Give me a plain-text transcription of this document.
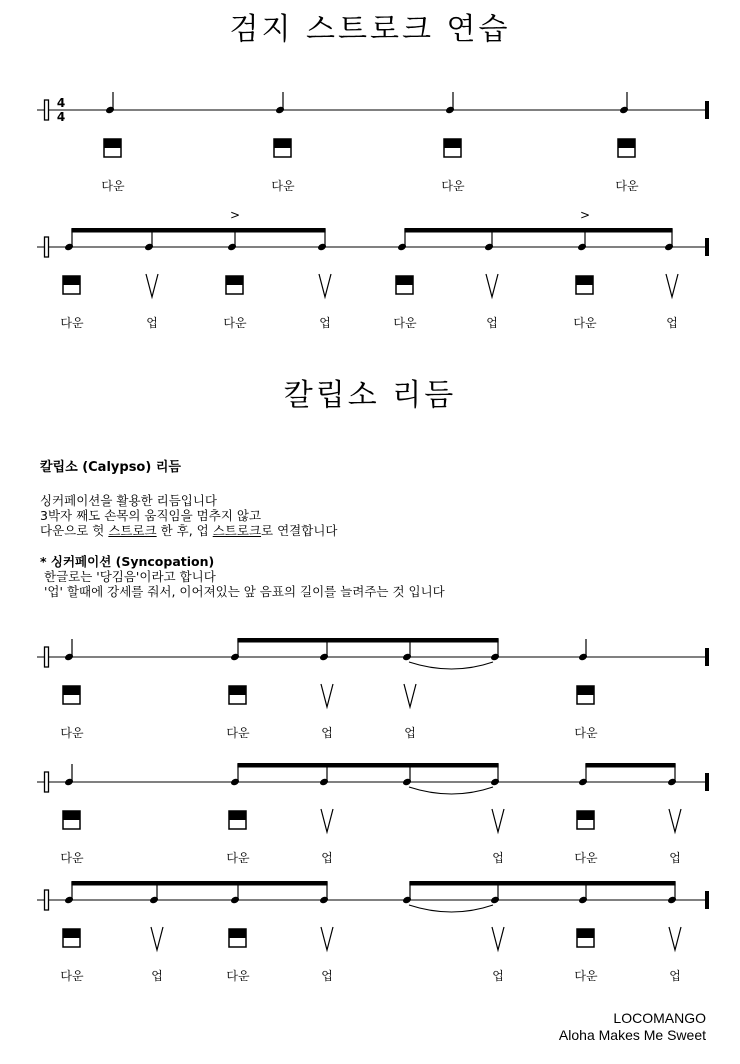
검지 스트로크 연습
4
4
다운	다운	다운	다운
다운	업
>
다운	업	다운	업
>
다운	업
칼립소 리듬
칼립소 (Calypso) 리듬
싱커페이션을 활용한 리듬입니다
3박자 째도 손목의 움직임을 멈추지 않고
다운으로 헛 스트로크 한 후, 업 스트로크로 연결합니다
* 싱커페이션 (Syncopation)
한글로는 '당김음'이라고 합니다
'업' 할때에 강세를 줘서, 이어져있는 앞 음표의 길이를 늘려주는 것 입니다
다운	다운	업	업	다운
다운	다운	업	업	다운	업
다운	업	다운	업	업	다운	업
LOCOMANGO
Aloha Makes Me Sweet
